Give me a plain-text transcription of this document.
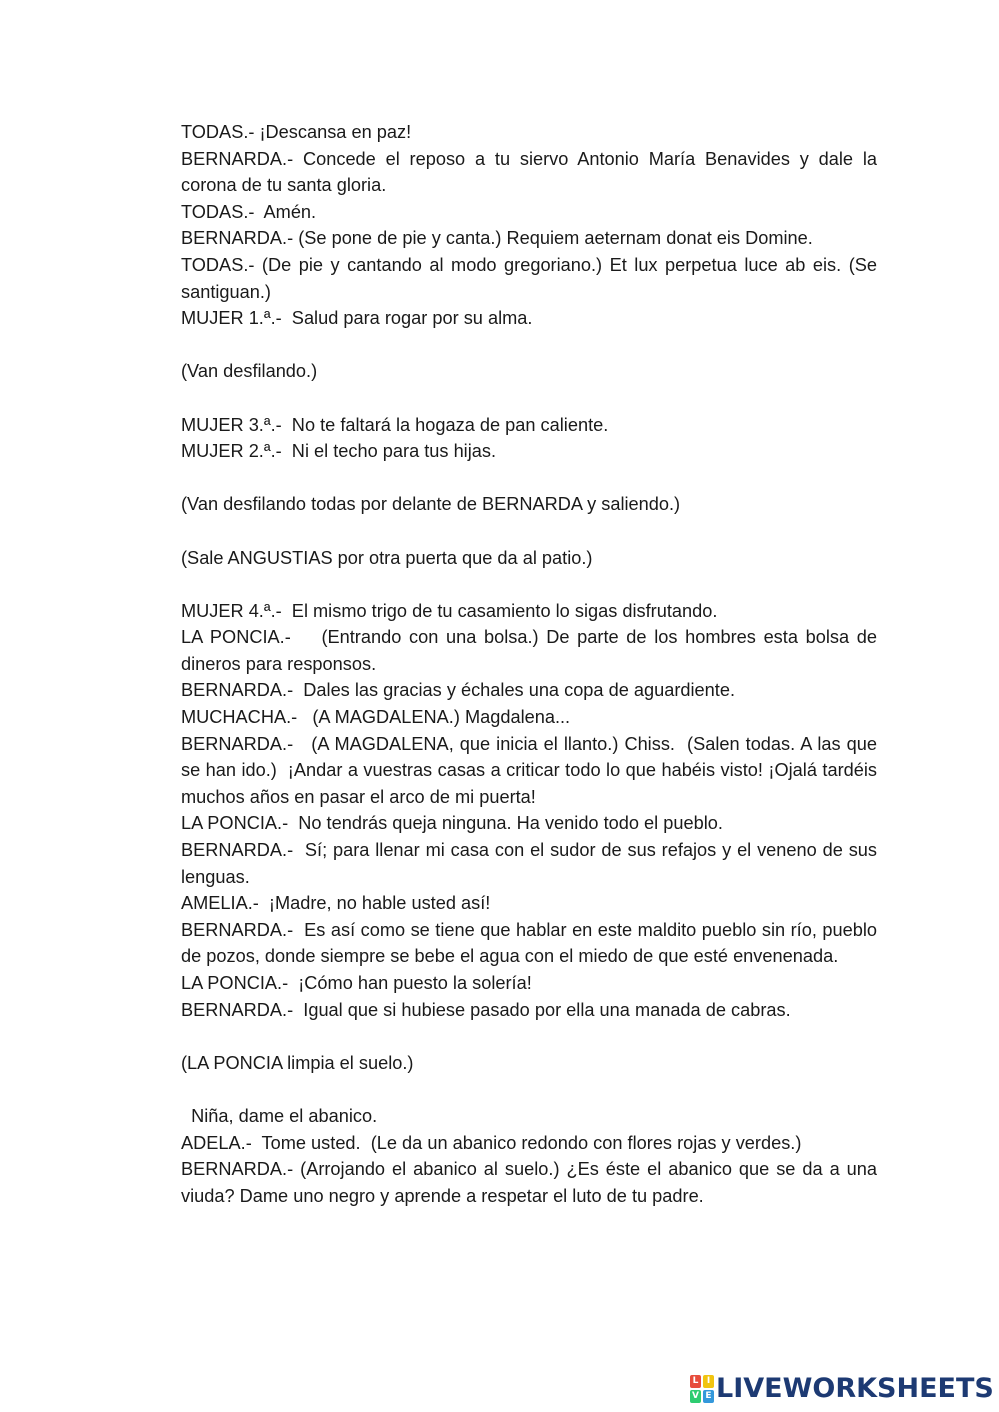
TODAS.- ¡Descansa en paz!
BERNARDA.- Concede el reposo a tu siervo Antonio María Benavides y dale la corona de tu santa gloria.
TODAS.-  Amén.
BERNARDA.- (Se pone de pie y canta.) Requiem aeternam donat eis Domine.
TODAS.- (De pie y cantando al modo gregoriano.) Et lux perpetua luce ab eis. (Se santiguan.)
MUJER 1.ª.-  Salud para rogar por su alma.
(Van desfilando.)
MUJER 3.ª.-  No te faltará la hogaza de pan caliente.
MUJER 2.ª.-  Ni el techo para tus hijas.
(Van desfilando todas por delante de BERNARDA y saliendo.)
(Sale ANGUSTIAS por otra puerta que da al patio.)
MUJER 4.ª.-  El mismo trigo de tu casamiento lo sigas disfrutando.
LA PONCIA.-    (Entrando con una bolsa.) De parte de los hombres esta bolsa de dineros para responsos.
BERNARDA.-  Dales las gracias y échales una copa de aguardiente.
MUCHACHA.-   (A MAGDALENA.) Magdalena...
BERNARDA.-   (A MAGDALENA, que inicia el llanto.) Chiss.  (Salen todas. A las que se han ido.)  ¡Andar a vuestras casas a criticar todo lo que habéis visto! ¡Ojalá tardéis muchos años en pasar el arco de mi puerta!
LA PONCIA.-  No tendrás queja ninguna. Ha venido todo el pueblo.
BERNARDA.-  Sí; para llenar mi casa con el sudor de sus refajos y el veneno de sus lenguas.
AMELIA.-  ¡Madre, no hable usted así!
BERNARDA.-  Es así como se tiene que hablar en este maldito pueblo sin río, pueblo de pozos, donde siempre se bebe el agua con el miedo de que esté envenenada.
LA PONCIA.-  ¡Cómo han puesto la solería!
BERNARDA.-  Igual que si hubiese pasado por ella una manada de cabras.
(LA PONCIA limpia el suelo.)
Niña, dame el abanico.
ADELA.-  Tome usted.  (Le da un abanico redondo con flores rojas y verdes.)
BERNARDA.- (Arrojando el abanico al suelo.) ¿Es éste el abanico que se da a una viuda? Dame uno negro y aprende a respetar el luto de tu padre.
L I
V E LIVEWORKSHEETS
